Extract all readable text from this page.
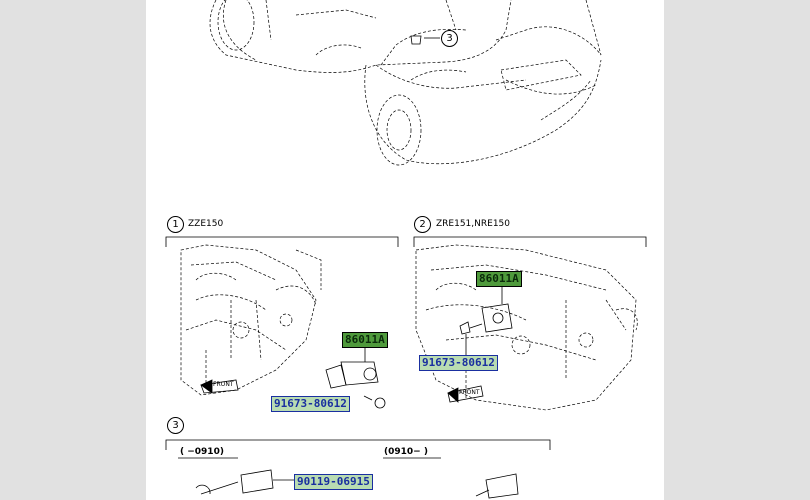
3
1	2
3
ZZE150	ZRE151,NRE150
( −0910)	(0910− )
86011A
91673-80612
86011A
91673-80612
90119-06915
FRONT
FRONT
